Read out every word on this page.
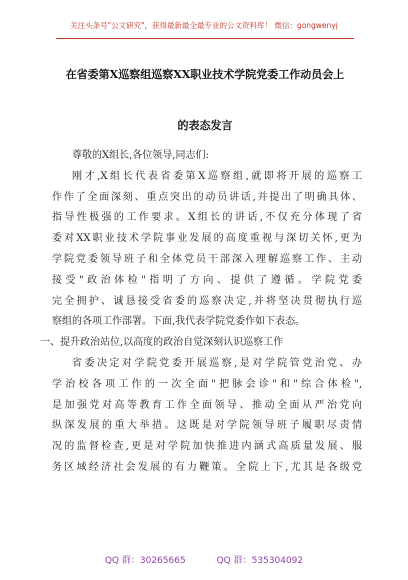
关注头条号"公文研究"，获得最新最全最专业的公文资料库！ 微信：gongwenyj
在省委第X巡察组巡察XX职业技术学院党委工作动员会上
的表态发言
尊敬的X组长,各位领导,同志们:
刚才,X组长代表省委第X巡察组,就即将开展的巡察工
作作了全面深刻、重点突出的动员讲话,并提出了明确具体、
指导性极强的工作要求。X组长的讲话,不仅充分体现了省
委对XX职业技术学院事业发展的高度重视与深切关怀,更为
学院党委领导班子和全体党员干部深入理解巡察工作、主动
接受"政治体检"指明了方向、提供了遵循。学院党委
完全拥护、诚恳接受省委的巡察决定,并将坚决贯彻执行巡
察组的各项工作部署。下面,我代表学院党委作如下表态。
一、提升政治站位,以高度的政治自觉深刻认识巡察工作
省委决定对学院党委开展巡察,是对学院管党治党、办
学治校各项工作的一次全面"把脉会诊"和"综合体检",
是加强党对高等教育工作全面领导、推动全面从严治党向
纵深发展的重大举措。这既是对学院领导班子履职尽责情
况的监督检查,更是对学院加快推进内涵式高质量发展、服
务区域经济社会发展的有力鞭策。全院上下,尤其是各级党
QQ 群：30265665	QQ 群：535304092
